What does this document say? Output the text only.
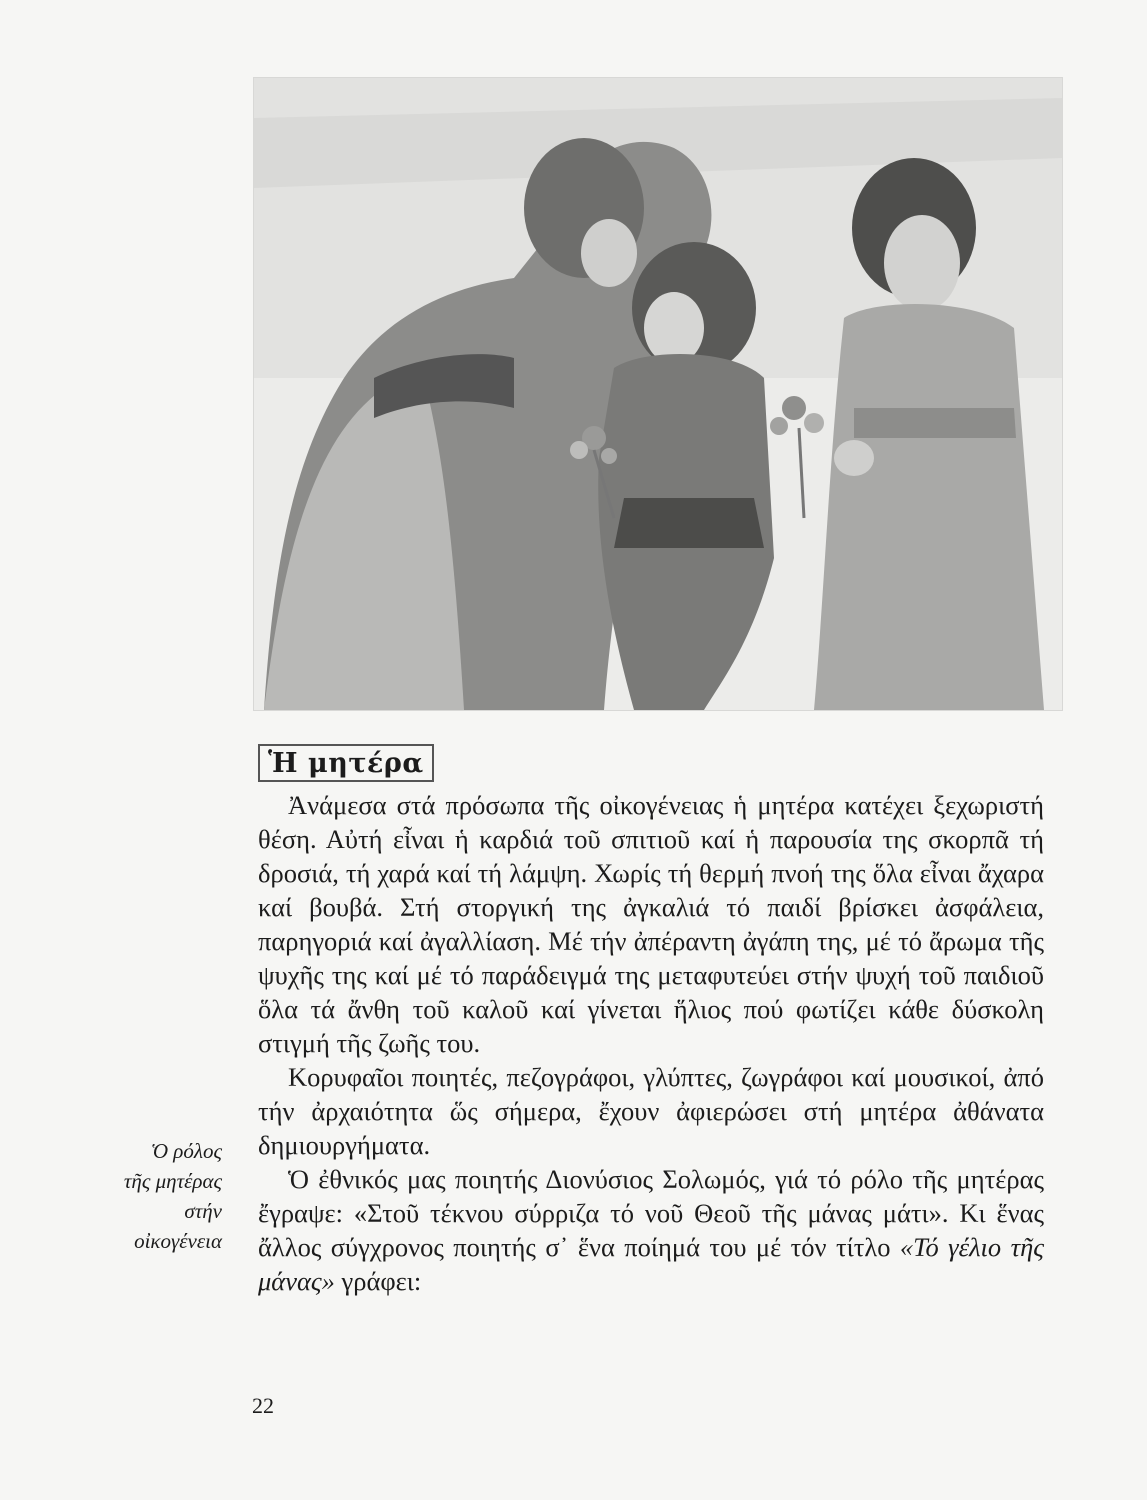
Ἡ μητέρα

Ἀνάμεσα στά πρόσωπα τῆς οἰκογένειας ἡ μητέρα κατέχει ξεχωριστή θέση. Αὐτή εἶναι ἡ καρδιά τοῦ σπιτιοῦ καί ἡ παρουσία της σκορπᾶ τή δροσιά, τή χαρά καί τή λάμψη. Χωρίς τή θερμή πνοή της ὅλα εἶναι ἄχαρα καί βουβά. Στή στοργική της ἀγκαλιά τό παιδί βρίσκει ἀσφάλεια, παρηγοριά καί ἀγαλλίαση. Μέ τήν ἀπέραντη ἀγάπη της, μέ τό ἄρωμα τῆς ψυχῆς της καί μέ τό παράδειγμά της μεταφυτεύει στήν ψυχή τοῦ παιδιοῦ ὅλα τά ἄνθη τοῦ καλοῦ καί γίνεται ἥλιος πού φωτίζει κάθε δύσκολη στιγμή τῆς ζωῆς του.

Κορυφαῖοι ποιητές, πεζογράφοι, γλύπτες, ζωγράφοι καί μουσικοί, ἀπό τήν ἀρχαιότητα ὥς σήμερα, ἔχουν ἀφιερώσει στή μητέρα ἀθάνατα δημιουργήματα.

Ὁ ἐθνικός μας ποιητής Διονύσιος Σολωμός, γιά τό ρόλο τῆς μητέρας ἔγραψε: «Στοῦ τέκνου σύρριζα τό νοῦ Θεοῦ τῆς μάνας μάτι». Κι ἕνας ἄλλος σύγχρονος ποιητής σ᾽ ἕνα ποίημά του μέ τόν τίτλο «Τό γέλιο τῆς μάνας» γράφει:

Ὁ ρόλος
τῆς μητέρας
στήν
οἰκογένεια
22
